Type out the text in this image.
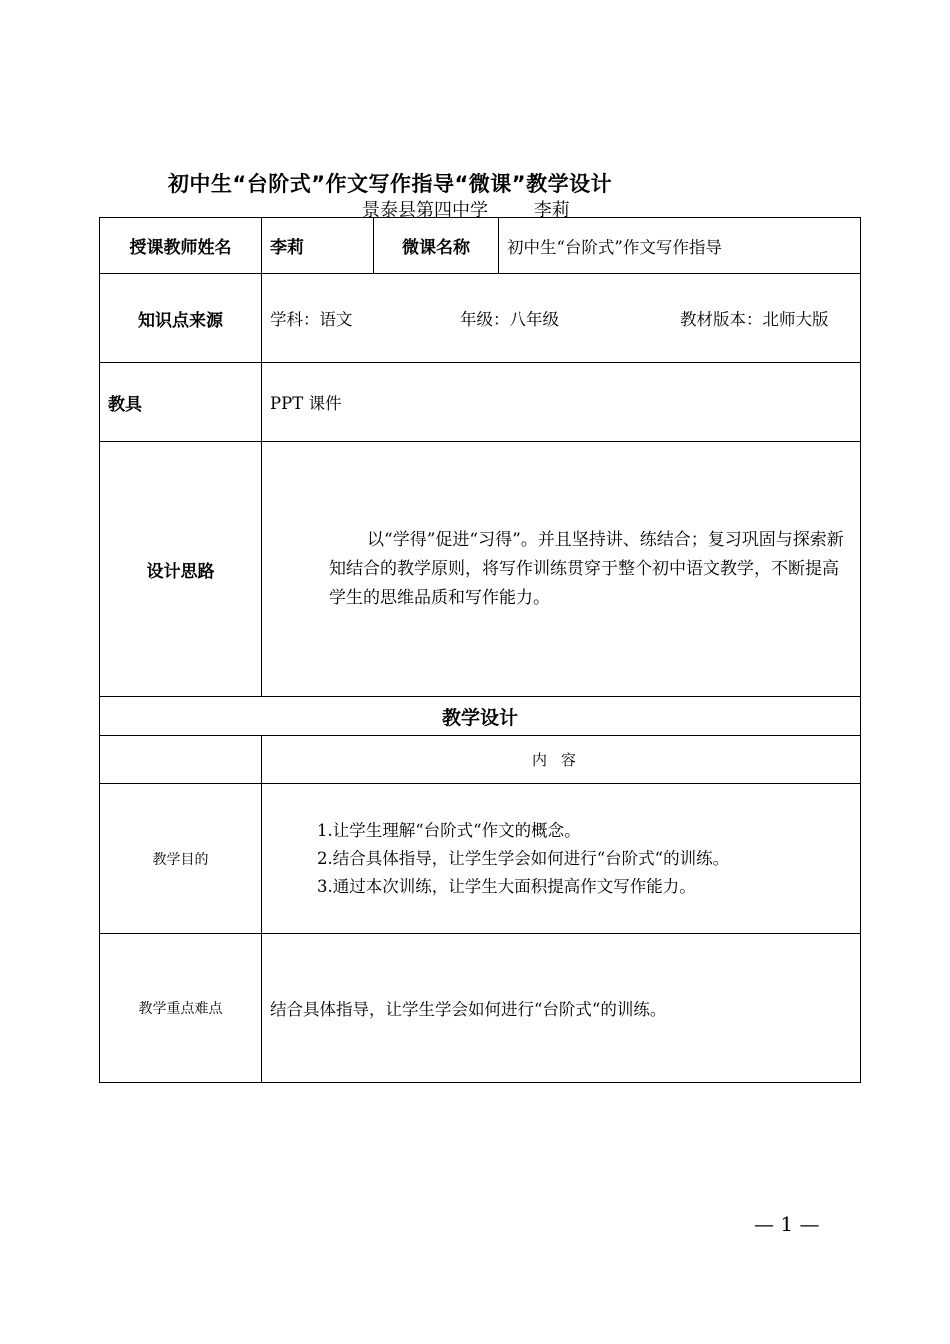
初中生“台阶式”作文写作指导“微课”教学设计
景泰县第四中学        李莉
授课教师姓名	李莉	微课名称	初中生“台阶式”作文写作指导
知识点来源	学科：语文 年级：八年级 教材版本：北师大版		
教具	PPT 课件		
设计思路	以“学得”促进“习得”。并且坚持讲、练结合；复习巩固与探索新知结合的教学原则，将写作训练贯穿于整个初中语文教学，不断提高学生的思维品质和写作能力。		
教学设计			
	内容		
教学目的	1.让学生理解“台阶式“作文的概念。
2.结合具体指导，让学生学会如何进行“台阶式“的训练。
3.通过本次训练，让学生大面积提高作文写作能力。		

教学重点难点	结合具体指导，让学生学会如何进行“台阶式“的训练。		
— 1 —
